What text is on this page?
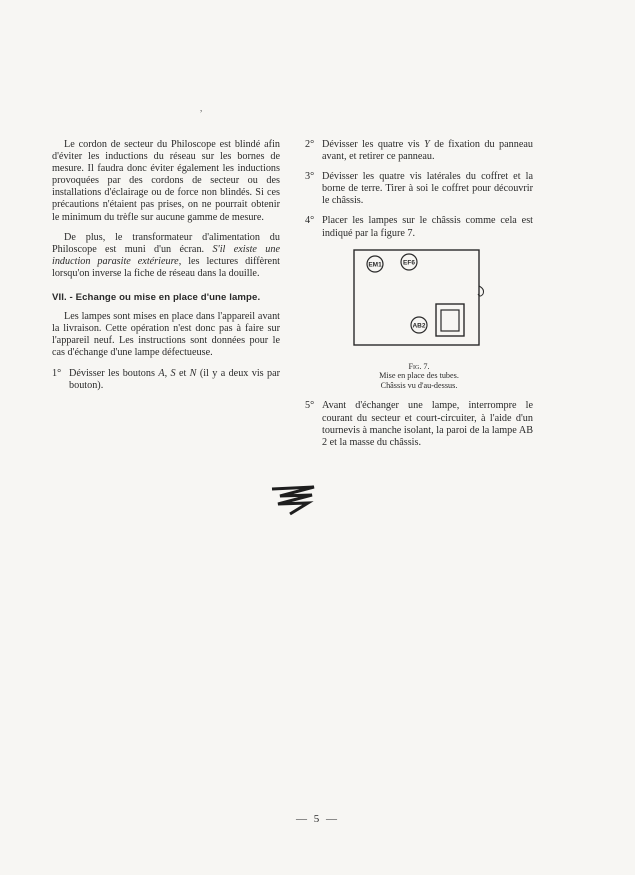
,

Le cordon de secteur du Philoscope est blindé afin d'éviter les inductions du réseau sur les bornes de mesure. Il faudra donc éviter également les inductions provoquées par des cordons de secteur ou des installations d'éclairage ou de force non blindés. Si ces précautions n'étaient pas prises, on ne pourrait obtenir le minimum du trèfle sur aucune gamme de mesure.

De plus, le transformateur d'alimentation du Philoscope est muni d'un écran. S'il existe une induction parasite extérieure, les lectures diffèrent lorsqu'on inverse la fiche de réseau dans la douille.

VII. - Echange ou mise en place d'une lampe.

Les lampes sont mises en place dans l'appareil avant la livraison. Cette opération n'est donc pas à faire sur l'appareil neuf. Les instructions sont données pour le cas d'échange d'une lampe défectueuse.

1° Dévisser les boutons A, S et N (il y a deux vis par bouton).

2° Dévisser les quatre vis Y de fixation du panneau avant, et retirer ce panneau.

3° Dévisser les quatre vis latérales du coffret et la borne de terre. Tirer à soi le coffret pour découvrir le châssis.

4° Placer les lampes sur le châssis comme cela est indiqué par la figure 7.

EM1	EF6
AB2
Fig. 7.
Mise en place des tubes.
Châssis vu d'au-dessus.

5° Avant d'échanger une lampe, interrompre le courant du secteur et court-circuiter, à l'aide d'un tournevis à manche isolant, la paroi de la lampe AB 2 et la masse du châssis.

— 5 —
